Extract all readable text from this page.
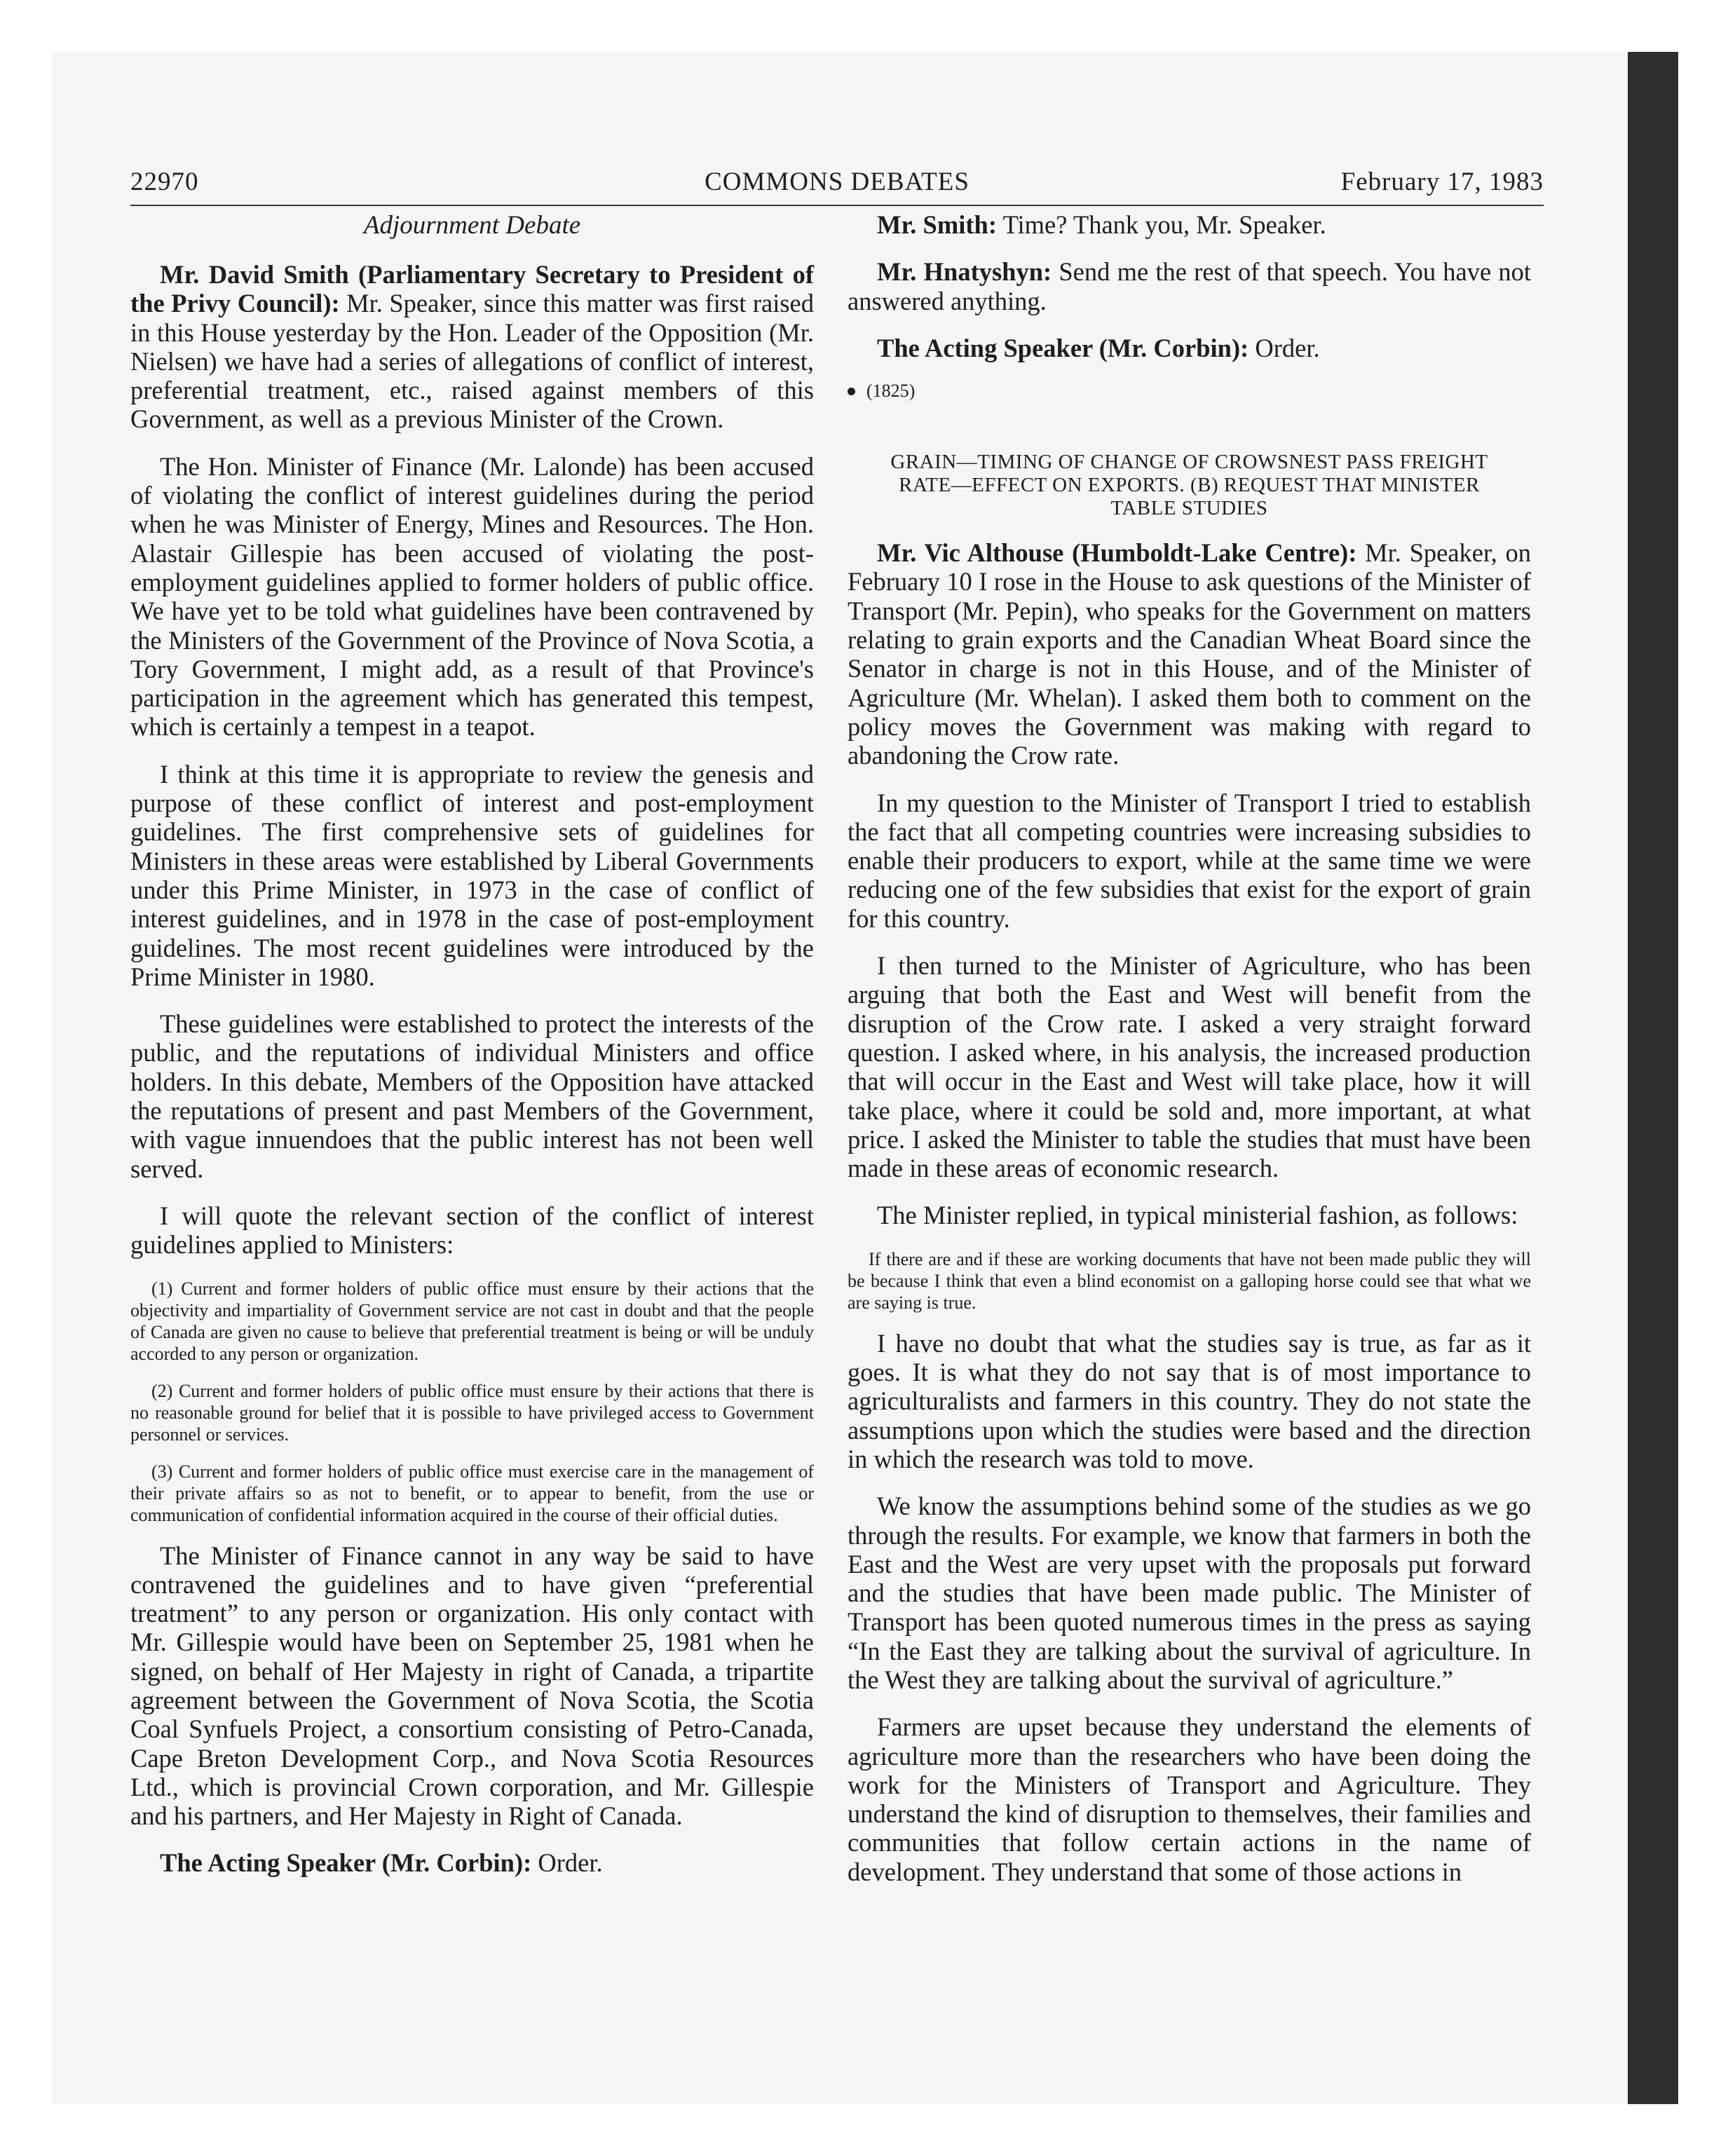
22970	COMMONS DEBATES	February 17, 1983
Adjournment Debate

Mr. David Smith (Parliamentary Secretary to President of the Privy Council): Mr. Speaker, since this matter was first raised in this House yesterday by the Hon. Leader of the Opposition (Mr. Nielsen) we have had a series of allegations of conflict of interest, preferential treatment, etc., raised against members of this Government, as well as a previous Minister of the Crown.

The Hon. Minister of Finance (Mr. Lalonde) has been accused of violating the conflict of interest guidelines during the period when he was Minister of Energy, Mines and Resources. The Hon. Alastair Gillespie has been accused of violating the post-employment guidelines applied to former holders of public office. We have yet to be told what guidelines have been contravened by the Ministers of the Government of the Province of Nova Scotia, a Tory Government, I might add, as a result of that Province's participation in the agreement which has generated this tempest, which is certainly a tempest in a teapot.

I think at this time it is appropriate to review the genesis and purpose of these conflict of interest and post-employment guidelines. The first comprehensive sets of guidelines for Ministers in these areas were established by Liberal Governments under this Prime Minister, in 1973 in the case of conflict of interest guidelines, and in 1978 in the case of post-employment guidelines. The most recent guidelines were introduced by the Prime Minister in 1980.

These guidelines were established to protect the interests of the public, and the reputations of individual Ministers and office holders. In this debate, Members of the Opposition have attacked the reputations of present and past Members of the Government, with vague innuendoes that the public interest has not been well served.

I will quote the relevant section of the conflict of interest guidelines applied to Ministers:

(1) Current and former holders of public office must ensure by their actions that the objectivity and impartiality of Government service are not cast in doubt and that the people of Canada are given no cause to believe that preferential treatment is being or will be unduly accorded to any person or organization.
(2) Current and former holders of public office must ensure by their actions that there is no reasonable ground for belief that it is possible to have privileged access to Government personnel or services.
(3) Current and former holders of public office must exercise care in the management of their private affairs so as not to benefit, or to appear to benefit, from the use or communication of confidential information acquired in the course of their official duties.

The Minister of Finance cannot in any way be said to have contravened the guidelines and to have given “preferential treatment” to any person or organization. His only contact with Mr. Gillespie would have been on September 25, 1981 when he signed, on behalf of Her Majesty in right of Canada, a tripartite agreement between the Government of Nova Scotia, the Scotia Coal Synfuels Project, a consortium consisting of Petro-Canada, Cape Breton Development Corp., and Nova Scotia Resources Ltd., which is provincial Crown corporation, and Mr. Gillespie and his partners, and Her Majesty in Right of Canada.

The Acting Speaker (Mr. Corbin): Order.

Mr. Smith: Time? Thank you, Mr. Speaker.

Mr. Hnatyshyn: Send me the rest of that speech. You have not answered anything.

The Acting Speaker (Mr. Corbin): Order.

(1825)
GRAIN—TIMING OF CHANGE OF CROWSNEST PASS FREIGHT RATE—EFFECT ON EXPORTS. (B) REQUEST THAT MINISTER TABLE STUDIES

Mr. Vic Althouse (Humboldt-Lake Centre): Mr. Speaker, on February 10 I rose in the House to ask questions of the Minister of Transport (Mr. Pepin), who speaks for the Government on matters relating to grain exports and the Canadian Wheat Board since the Senator in charge is not in this House, and of the Minister of Agriculture (Mr. Whelan). I asked them both to comment on the policy moves the Government was making with regard to abandoning the Crow rate.

In my question to the Minister of Transport I tried to establish the fact that all competing countries were increasing subsidies to enable their producers to export, while at the same time we were reducing one of the few subsidies that exist for the export of grain for this country.

I then turned to the Minister of Agriculture, who has been arguing that both the East and West will benefit from the disruption of the Crow rate. I asked a very straight forward question. I asked where, in his analysis, the increased production that will occur in the East and West will take place, how it will take place, where it could be sold and, more important, at what price. I asked the Minister to table the studies that must have been made in these areas of economic research.

The Minister replied, in typical ministerial fashion, as follows:

If there are and if these are working documents that have not been made public they will be because I think that even a blind economist on a galloping horse could see that what we are saying is true.

I have no doubt that what the studies say is true, as far as it goes. It is what they do not say that is of most importance to agriculturalists and farmers in this country. They do not state the assumptions upon which the studies were based and the direction in which the research was told to move.

We know the assumptions behind some of the studies as we go through the results. For example, we know that farmers in both the East and the West are very upset with the proposals put forward and the studies that have been made public. The Minister of Transport has been quoted numerous times in the press as saying “In the East they are talking about the survival of agriculture. In the West they are talking about the survival of agriculture.”

Farmers are upset because they understand the elements of agriculture more than the researchers who have been doing the work for the Ministers of Transport and Agriculture. They understand the kind of disruption to themselves, their families and communities that follow certain actions in the name of development. They understand that some of those actions in
